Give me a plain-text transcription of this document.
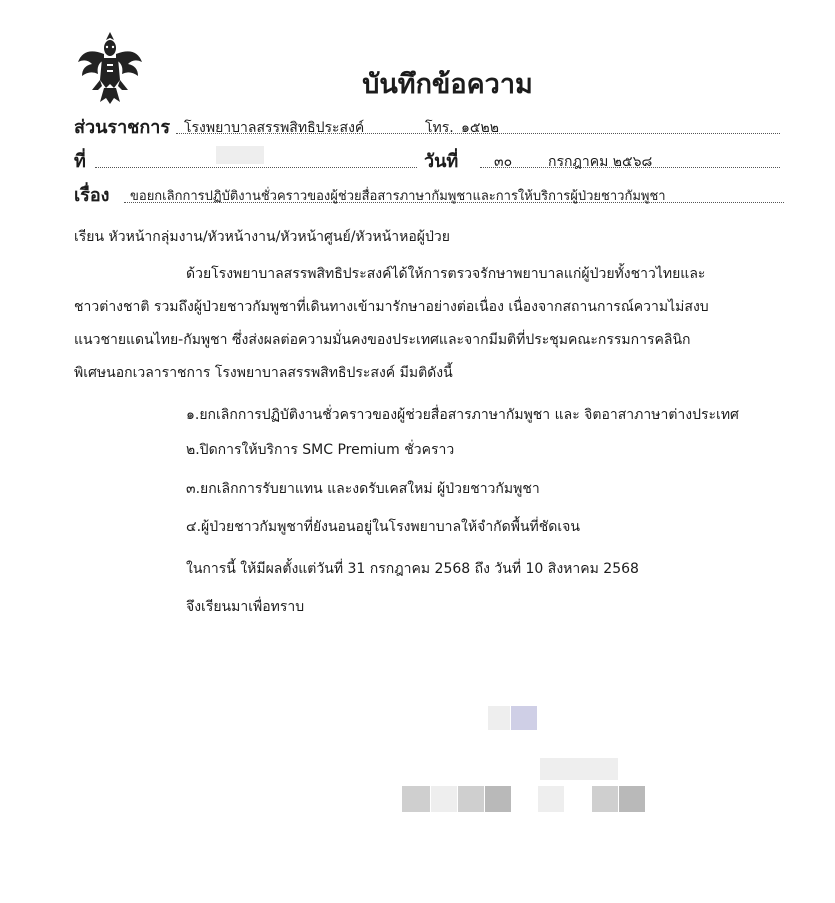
บันทึกข้อความ
ส่วนราชการ โรงพยาบาลสรรพสิทธิประสงค์	โทร. ๑๕๒๒
ที่	วันที่	๓๐	กรกฎาคม ๒๕๖๘
เรื่อง ขอยกเลิกการปฏิบัติงานชั่วคราวของผู้ช่วยสื่อสารภาษากัมพูชาและการให้บริการผู้ป่วยชาวกัมพูชา
เรียน หัวหน้ากลุ่มงาน/หัวหน้างาน/หัวหน้าศูนย์/หัวหน้าหอผู้ป่วย
ด้วยโรงพยาบาลสรรพสิทธิประสงค์ได้ให้การตรวจรักษาพยาบาลแก่ผู้ป่วยทั้งชาวไทยและ
ชาวต่างชาติ รวมถึงผู้ป่วยชาวกัมพูชาที่เดินทางเข้ามารักษาอย่างต่อเนื่อง เนื่องจากสถานการณ์ความไม่สงบ
แนวชายแดนไทย-กัมพูชา ซึ่งส่งผลต่อความมั่นคงของประเทศและจากมีมติที่ประชุมคณะกรรมการคลินิก
พิเศษนอกเวลาราชการ โรงพยาบาลสรรพสิทธิประสงค์ มีมติดังนี้
๑.ยกเลิกการปฏิบัติงานชั่วคราวของผู้ช่วยสื่อสารภาษากัมพูชา และ จิตอาสาภาษาต่างประเทศ
๒.ปิดการให้บริการ SMC Premium ชั่วคราว
๓.ยกเลิกการรับยาแทน และงดรับเคสใหม่ ผู้ป่วยชาวกัมพูชา
๔.ผู้ป่วยชาวกัมพูชาที่ยังนอนอยู่ในโรงพยาบาลให้จำกัดพื้นที่ชัดเจน
ในการนี้ ให้มีผลตั้งแต่วันที่ 31 กรกฎาคม 2568 ถึง วันที่ 10 สิงหาคม 2568
จึงเรียนมาเพื่อทราบ
